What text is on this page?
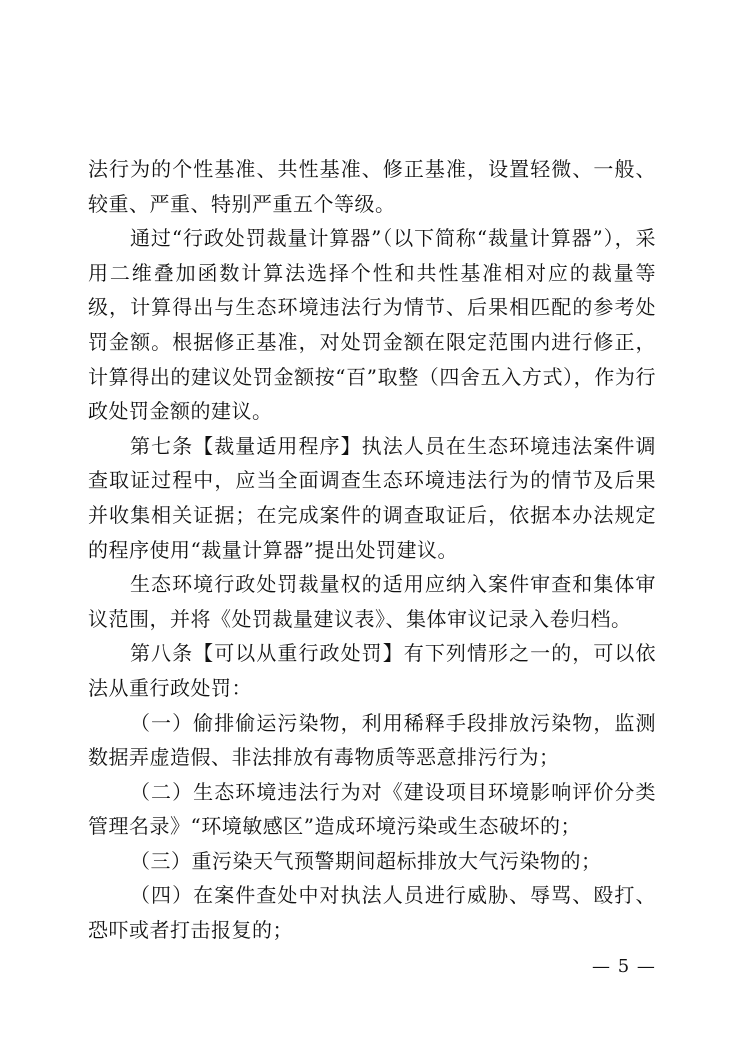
法行为的个性基准、共性基准、修正基准，设置轻微、一般、较重、严重、特别严重五个等级。

通过“行政处罚裁量计算器”（以下简称“裁量计算器”），采用二维叠加函数计算法选择个性和共性基准相对应的裁量等级，计算得出与生态环境违法行为情节、后果相匹配的参考处罚金额。根据修正基准，对处罚金额在限定范围内进行修正，计算得出的建议处罚金额按“百”取整（四舍五入方式），作为行政处罚金额的建议。

第七条【裁量适用程序】执法人员在生态环境违法案件调查取证过程中，应当全面调查生态环境违法行为的情节及后果并收集相关证据；在完成案件的调查取证后，依据本办法规定的程序使用“裁量计算器”提出处罚建议。

生态环境行政处罚裁量权的适用应纳入案件审查和集体审议范围，并将《处罚裁量建议表》、集体审议记录入卷归档。

第八条【可以从重行政处罚】有下列情形之一的，可以依法从重行政处罚：

（一）偷排偷运污染物，利用稀释手段排放污染物，监测数据弄虚造假、非法排放有毒物质等恶意排污行为；

（二）生态环境违法行为对《建设项目环境影响评价分类管理名录》“环境敏感区”造成环境污染或生态破坏的；

（三）重污染天气预警期间超标排放大气污染物的；

（四）在案件查处中对执法人员进行威胁、辱骂、殴打、恐吓或者打击报复的；

— 5 —
